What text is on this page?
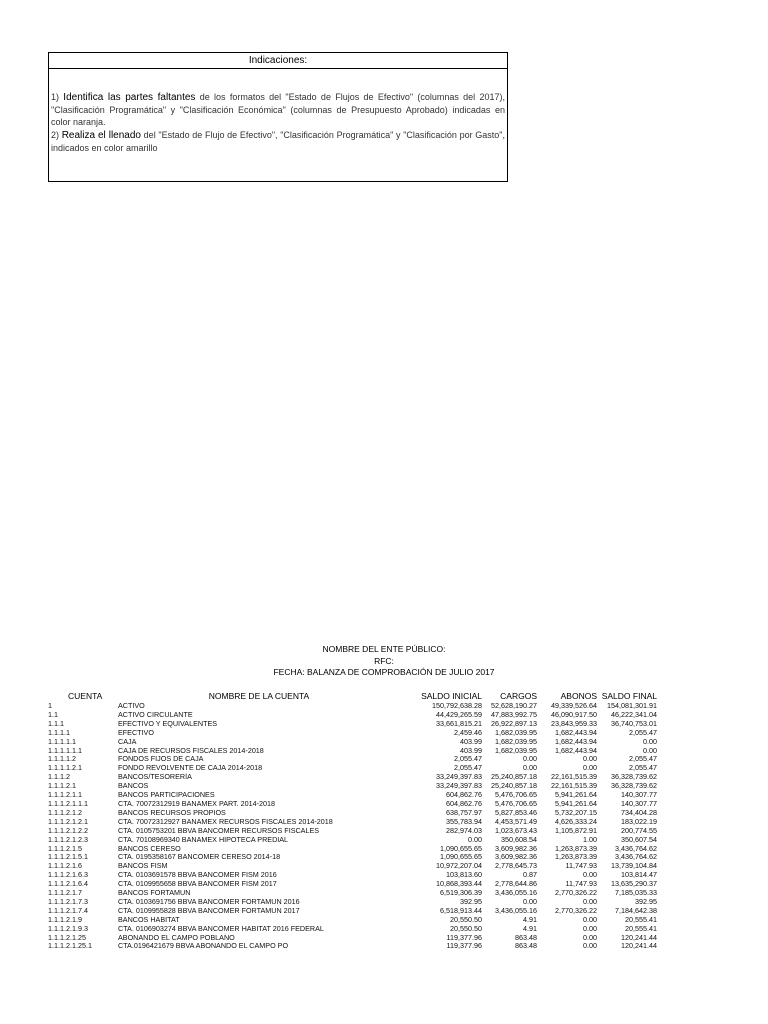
Indicaciones:
1) Identifica las partes faltantes de los formatos del "Estado de Flujos de Efectivo" (columnas del 2017), "Clasificación Programática" y "Clasificación Económica" (columnas de Presupuesto Aprobado) indicadas en color naranja.
2) Realiza el llenado del "Estado de Flujo de Efectivo", "Clasificación Programática" y "Clasificación por Gasto", indicados en color amarillo
NOMBRE DEL ENTE PÚBLICO:
RFC:
FECHA: BALANZA DE COMPROBACIÓN DE JULIO 2017
CUENTA	NOMBRE DE LA CUENTA	SALDO INICIAL	CARGOS	ABONOS	SALDO FINAL
1	ACTIVO	150,792,638.28	52,628,190.27	49,339,526.64	154,081,301.91
1.1	ACTIVO CIRCULANTE	44,429,265.59	47,883,992.75	46,090,917.50	46,222,341.04
1.1.1	EFECTIVO Y EQUIVALENTES	33,661,815.21	26,922,897.13	23,843,959.33	36,740,753.01
1.1.1.1	EFECTIVO	2,459.46	1,682,039.95	1,682,443.94	2,055.47
1.1.1.1.1	CAJA	403.99	1,682,039.95	1,682,443.94	0.00
1.1.1.1.1.1	CAJA DE RECURSOS FISCALES 2014-2018	403.99	1,682,039.95	1,682,443.94	0.00
1.1.1.1.2	FONDOS FIJOS DE CAJA	2,055.47	0.00	0.00	2,055.47
1.1.1.1.2.1	FONDO REVOLVENTE DE CAJA 2014-2018	2,055.47	0.00	0.00	2,055.47
1.1.1.2	BANCOS/TESORERÍA	33,249,397.83	25,240,857.18	22,161,515.39	36,328,739.62
1.1.1.2.1	BANCOS	33,249,397.83	25,240,857.18	22,161,515.39	36,328,739.62
1.1.1.2.1.1	BANCOS PARTICIPACIONES	604,862.76	5,476,706.65	5,941,261.64	140,307.77
1.1.1.2.1.1.1	CTA. 70072312919 BANAMEX PART. 2014-2018	604,862.76	5,476,706.65	5,941,261.64	140,307.77
1.1.1.2.1.2	BANCOS RECURSOS PROPIOS	638,757.97	5,827,853.46	5,732,207.15	734,404.28
1.1.1.2.1.2.1	CTA. 70072312927 BANAMEX RECURSOS FISCALES 2014-2018	355,783.94	4,453,571.49	4,626,333.24	183,022.19
1.1.1.2.1.2.2	CTA. 0105753201 BBVA BANCOMER RECURSOS FISCALES	282,974.03	1,023,673.43	1,105,872.91	200,774.55
1.1.1.2.1.2.3	CTA. 70108969340 BANAMEX HIPOTECA PREDIAL	0.00	350,608.54	1.00	350,607.54
1.1.1.2.1.5	BANCOS CERESO	1,090,655.65	3,609,982.36	1,263,873.39	3,436,764.62
1.1.1.2.1.5.1	CTA. 0195358167 BANCOMER CERESO 2014-18	1,090,655.65	3,609,982.36	1,263,873.39	3,436,764.62
1.1.1.2.1.6	BANCOS FISM	10,972,207.04	2,778,645.73	11,747.93	13,739,104.84
1.1.1.2.1.6.3	CTA. 0103691578 BBVA BANCOMER FISM 2016	103,813.60	0.87	0.00	103,814.47
1.1.1.2.1.6.4	CTA. 0109955658 BBVA BANCOMER FISM 2017	10,868,393.44	2,778,644.86	11,747.93	13,635,290.37
1.1.1.2.1.7	BANCOS FORTAMUN	6,519,306.39	3,436,055.16	2,770,326.22	7,185,035.33
1.1.1.2.1.7.3	CTA. 0103691756 BBVA BANCOMER FORTAMUN 2016	392.95	0.00	0.00	392.95
1.1.1.2.1.7.4	CTA. 0109955828 BBVA BANCOMER FORTAMUN 2017	6,518,913.44	3,436,055.16	2,770,326.22	7,184,642.38
1.1.1.2.1.9	BANCOS HABITAT	20,550.50	4.91	0.00	20,555.41
1.1.1.2.1.9.3	CTA. 0106903274 BBVA BANCOMER HABITAT 2016 FEDERAL	20,550.50	4.91	0.00	20,555.41
1.1.1.2.1.25	ABONANDO EL CAMPO POBLANO	119,377.96	863.48	0.00	120,241.44
1.1.1.2.1.25.1	CTA.0196421679 BBVA ABONANDO EL CAMPO PO	119,377.96	863.48	0.00	120,241.44
